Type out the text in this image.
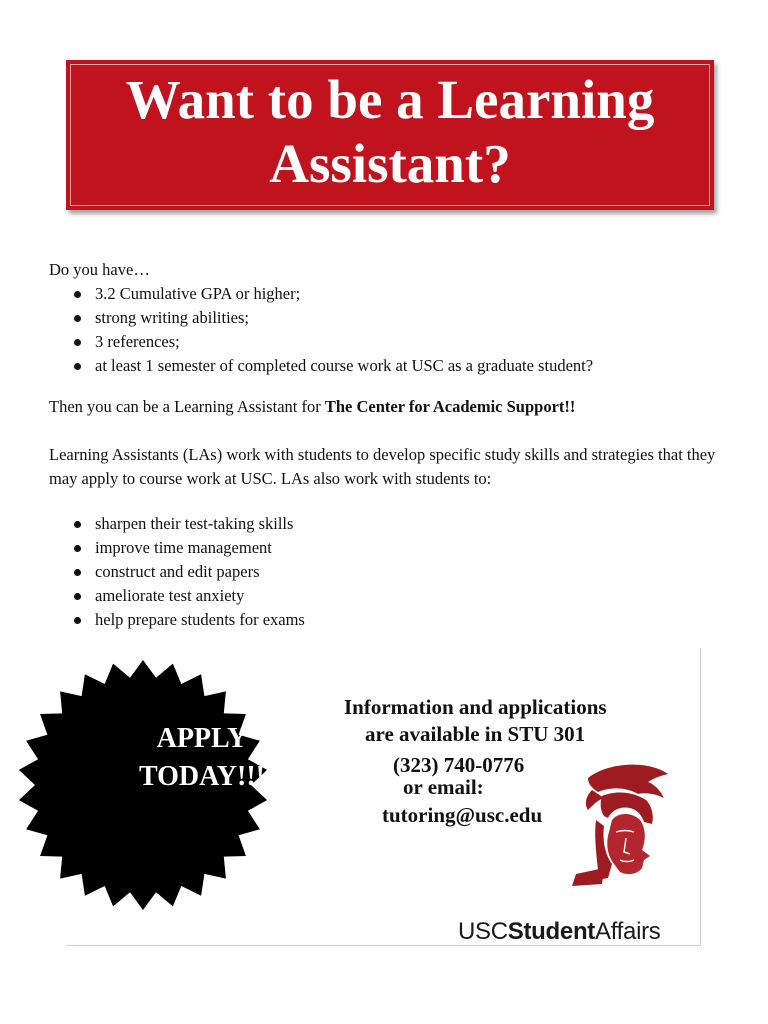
Want to be a Learning
Assistant?
Do you have…
3.2 Cumulative GPA or higher;
strong writing abilities;
3 references;
at least 1 semester of completed course work at USC as a graduate student?
Then you can be a Learning Assistant for The Center for Academic Support!!
Learning Assistants (LAs) work with students to develop specific study skills and strategies that they may apply to course work at USC. LAs also work with students to:
sharpen their test-taking skills
improve time management
construct and edit papers
ameliorate test anxiety
help prepare students for exams
APPLY
TODAY!!!
Information and applications
are available in STU 301
(323) 740-0776
or email:
tutoring@usc.edu
USCStudentAffairs
